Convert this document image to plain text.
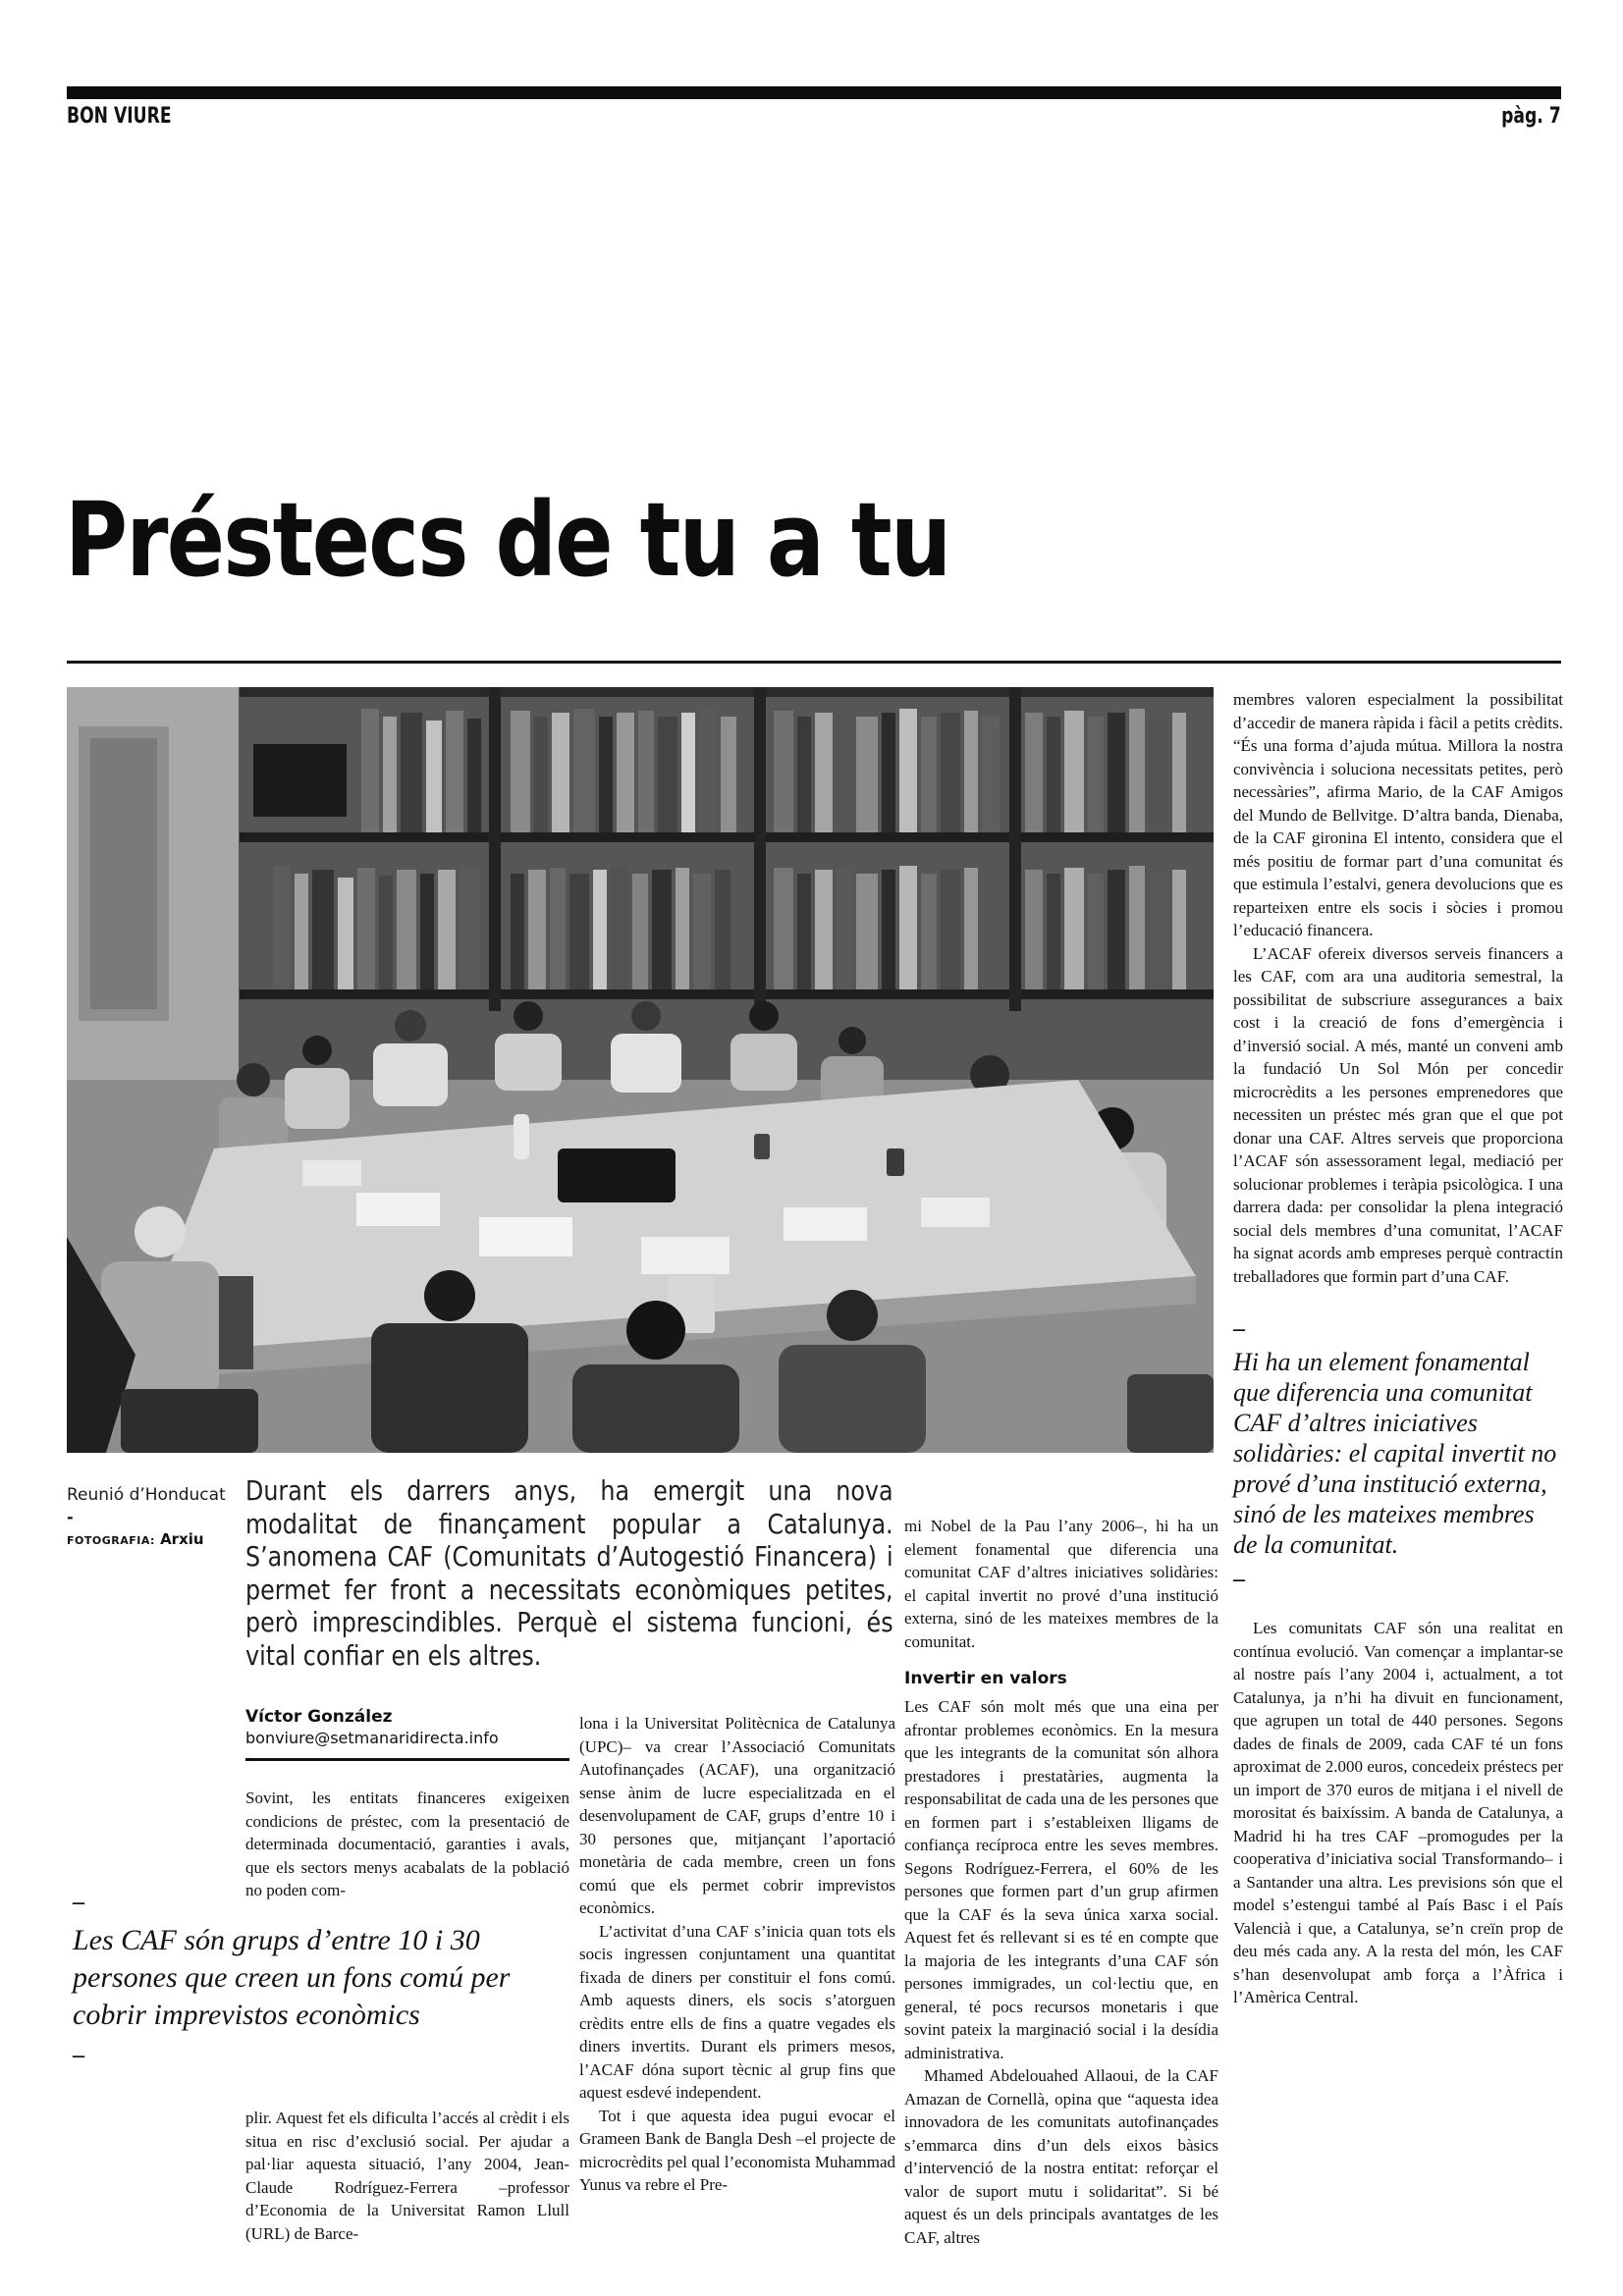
BON VIURE	pàg. 7
Préstecs de tu a tu
Reunió d’Honducat
-
FOTOGRAFIA: Arxiu

Durant els darrers anys, ha emergit una nova modalitat de finançament popular a Catalunya. S’anomena CAF (Comunitats d’Autogestió Financera) i permet fer front a necessitats econòmiques petites, però imprescindibles. Perquè el sistema funcioni, és vital confiar en els altres.

Víctor González
bonviure@setmanaridirecta.info

Sovint, les entitats financeres exigeixen condicions de préstec, com la presentació de determinada documentació, garanties i avals, que els sectors menys acabalats de la població no poden com-

–
Les CAF són grups d’entre 10 i 30 persones que creen un fons comú per cobrir imprevistos econòmics
–

plir. Aquest fet els dificulta l’accés al crèdit i els situa en risc d’exclusió social. Per ajudar a pal·liar aquesta situació, l’any 2004, Jean-Claude Rodríguez-Ferrera –professor d’Economia de la Universitat Ramon Llull (URL) de Barce-

lona i la Universitat Politècnica de Catalunya (UPC)– va crear l’Associació Comunitats Autofinançades (ACAF), una organització sense ànim de lucre especialitzada en el desenvolupament de CAF, grups d’entre 10 i 30 persones que, mitjançant l’aportació monetària de cada membre, creen un fons comú que els permet cobrir imprevistos econòmics.

L’activitat d’una CAF s’inicia quan tots els socis ingressen conjuntament una quantitat fixada de diners per constituir el fons comú. Amb aquests diners, els socis s’atorguen crèdits entre ells de fins a quatre vegades els diners invertits. Durant els primers mesos, l’ACAF dóna suport tècnic al grup fins que aquest esdevé independent.

Tot i que aquesta idea pugui evocar el Grameen Bank de Bangla Desh –el projecte de microcrèdits pel qual l’economista Muhammad Yunus va rebre el Pre-

mi Nobel de la Pau l’any 2006–, hi ha un element fonamental que diferencia una comunitat CAF d’altres iniciatives solidàries: el capital invertit no prové d’una institució externa, sinó de les mateixes membres de la comunitat.

Invertir en valors

Les CAF són molt més que una eina per afrontar problemes econòmics. En la mesura que les integrants de la comunitat són alhora prestadores i prestatàries, augmenta la responsabilitat de cada una de les persones que en formen part i s’estableixen lligams de confiança recíproca entre les seves membres. Segons Rodríguez-Ferrera, el 60% de les persones que formen part d’un grup afirmen que la CAF és la seva única xarxa social. Aquest fet és rellevant si es té en compte que la majoria de les integrants d’una CAF són persones immigrades, un col·lectiu que, en general, té pocs recursos monetaris i que sovint pateix la marginació social i la desídia administrativa.

Mhamed Abdelouahed Allaoui, de la CAF Amazan de Cornellà, opina que “aquesta idea innovadora de les comunitats autofinançades s’emmarca dins d’un dels eixos bàsics d’intervenció de la nostra entitat: reforçar el valor de suport mutu i solidaritat”. Si bé aquest és un dels principals avantatges de les CAF, altres

membres valoren especialment la possibilitat d’accedir de manera ràpida i fàcil a petits crèdits. “És una forma d’ajuda mútua. Millora la nostra convivència i soluciona necessitats petites, però necessàries”, afirma Mario, de la CAF Amigos del Mundo de Bellvitge. D’altra banda, Dienaba, de la CAF gironina El intento, considera que el més positiu de formar part d’una comunitat és que estimula l’estalvi, genera devolucions que es reparteixen entre els socis i sòcies i promou l’educació financera.

L’ACAF ofereix diversos serveis financers a les CAF, com ara una auditoria semestral, la possibilitat de subscriure assegurances a baix cost i la creació de fons d’emergència i d’inversió social. A més, manté un conveni amb la fundació Un Sol Món per concedir microcrèdits a les persones emprenedores que necessiten un préstec més gran que el que pot donar una CAF. Altres serveis que proporciona l’ACAF són assessorament legal, mediació per solucionar problemes i teràpia psicològica. I una darrera dada: per consolidar la plena integració social dels membres d’una comunitat, l’ACAF ha signat acords amb empreses perquè contractin treballadores que formin part d’una CAF.

–
Hi ha un element fonamental que diferencia una comunitat CAF d’altres iniciatives solidàries: el capital invertit no prové d’una institució externa, sinó de les mateixes membres de la comunitat.
–

Les comunitats CAF són una realitat en contínua evolució. Van començar a implantar-se al nostre país l’any 2004 i, actualment, a tot Catalunya, ja n’hi ha divuit en funcionament, que agrupen un total de 440 persones. Segons dades de finals de 2009, cada CAF té un fons aproximat de 2.000 euros, concedeix préstecs per un import de 370 euros de mitjana i el nivell de morositat és baixíssim. A banda de Catalunya, a Madrid hi ha tres CAF –promogudes per la cooperativa d’iniciativa social Transformando– i a Santander una altra. Les previsions són que el model s’estengui també al País Basc i el País Valencià i que, a Catalunya, se’n creïn prop de deu més cada any. A la resta del món, les CAF s’han desenvolupat amb força a l’Àfrica i l’Amèrica Central.
